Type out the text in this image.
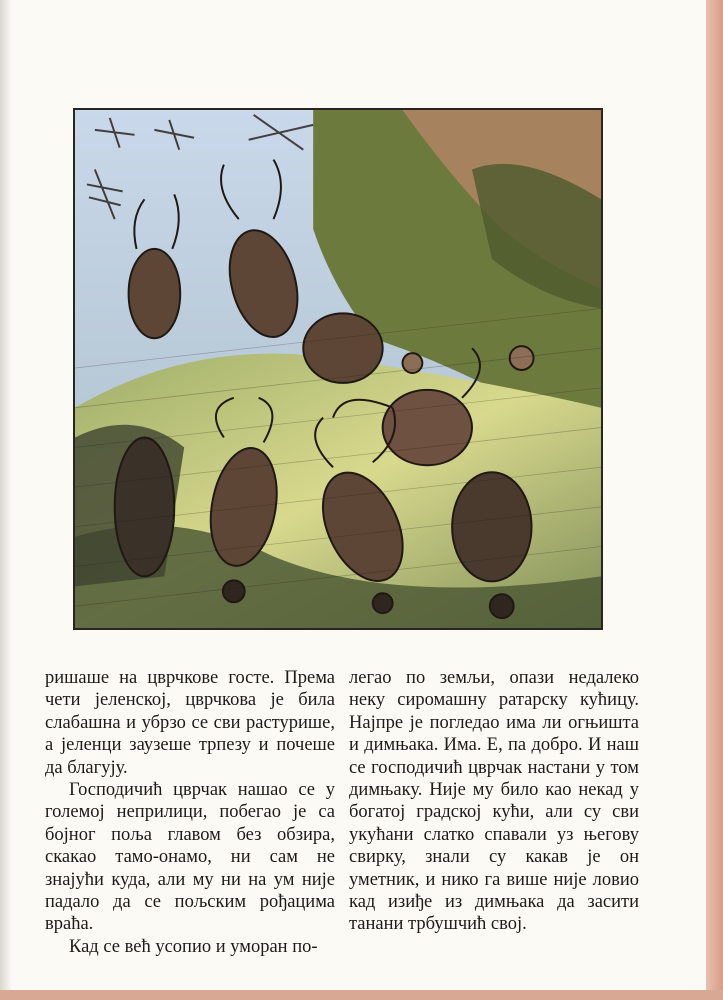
ришаше на цврчкове госте. Према чети јеленској, цврчкова је била слабашна и убрзо се сви растуришe, а јеленци заузеше трпезу и почеше да благују.

Господичић цврчак нашао се у големој неприлици, побегао је са бојног поља главом без обзира, скакао тамо-онамо, ни сам не знајући куда, али му ни на ум није падало да се пољским рођацима враћа.

Кад се већ усопио и уморан по-

легао по земљи, опази недалеко неку сиромашну ратарску кућицу. Најпре је погледао има ли огњишта и димњака. Има. Е, па добро. И наш се господичић цврчак настани у том димњаку. Није му било као некад у богатој градској кући, али су сви укућани слатко спавали уз његову свирку, знали су какав је он уметник, и нико га више није ловио кад изиђе из димњака да засити танани трбушчић свој.
